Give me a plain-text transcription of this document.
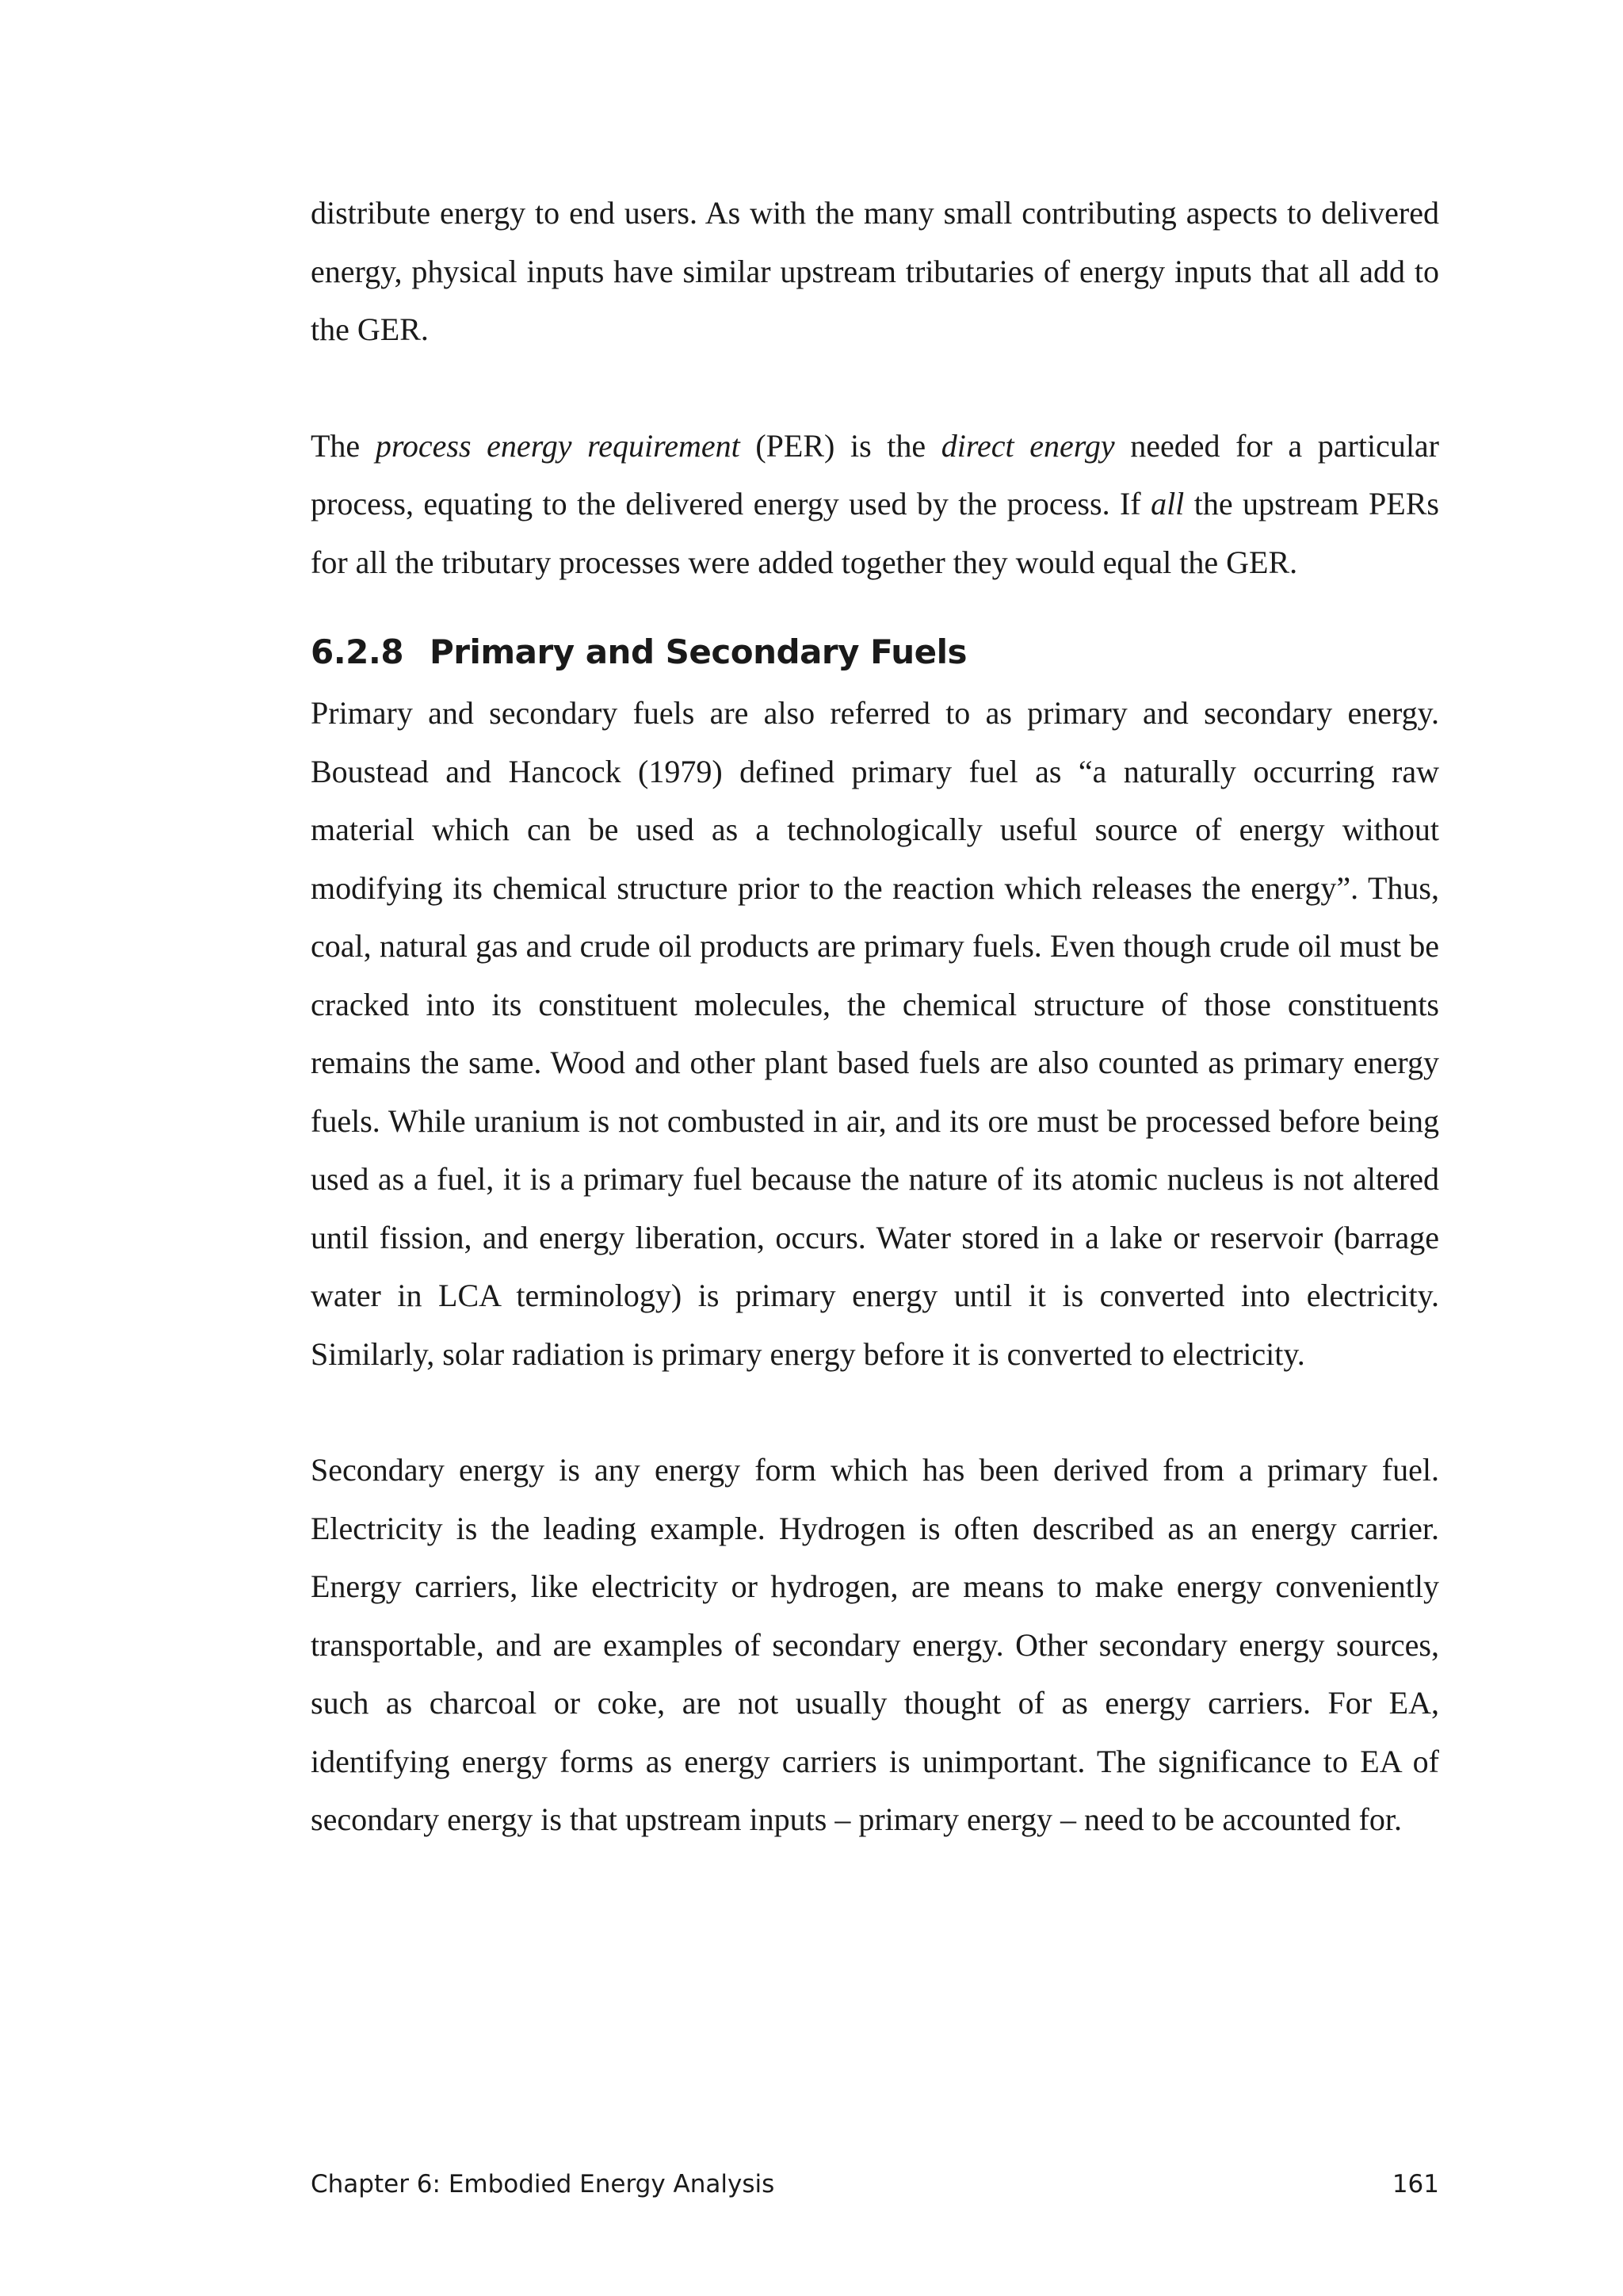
distribute energy to end users. As with the many small contributing aspects to delivered energy, physical inputs have similar upstream tributaries of energy inputs that all add to the GER.

The process energy requirement (PER) is the direct energy needed for a particular process, equating to the delivered energy used by the process. If all the upstream PERs for all the tributary processes were added together they would equal the GER.

6.2.8 Primary and Secondary Fuels

Primary and secondary fuels are also referred to as primary and secondary energy. Boustead and Hancock (1979) defined primary fuel as “a naturally occurring raw material which can be used as a technologically useful source of energy without modifying its chemical structure prior to the reaction which releases the energy”. Thus, coal, natural gas and crude oil products are primary fuels. Even though crude oil must be cracked into its constituent molecules, the chemical structure of those constituents remains the same. Wood and other plant based fuels are also counted as primary energy fuels. While uranium is not combusted in air, and its ore must be processed before being used as a fuel, it is a primary fuel because the nature of its atomic nucleus is not altered until fission, and energy liberation, occurs. Water stored in a lake or reservoir (barrage water in LCA terminology) is primary energy until it is converted into electricity. Similarly, solar radiation is primary energy before it is converted to electricity.

Secondary energy is any energy form which has been derived from a primary fuel. Electricity is the leading example. Hydrogen is often described as an energy carrier. Energy carriers, like electricity or hydrogen, are means to make energy conveniently transportable, and are examples of secondary energy. Other secondary energy sources, such as charcoal or coke, are not usually thought of as energy carriers. For EA, identifying energy forms as energy carriers is unimportant. The significance to EA of secondary energy is that upstream inputs – primary energy – need to be accounted for.

Chapter 6: Embodied Energy Analysis	161
